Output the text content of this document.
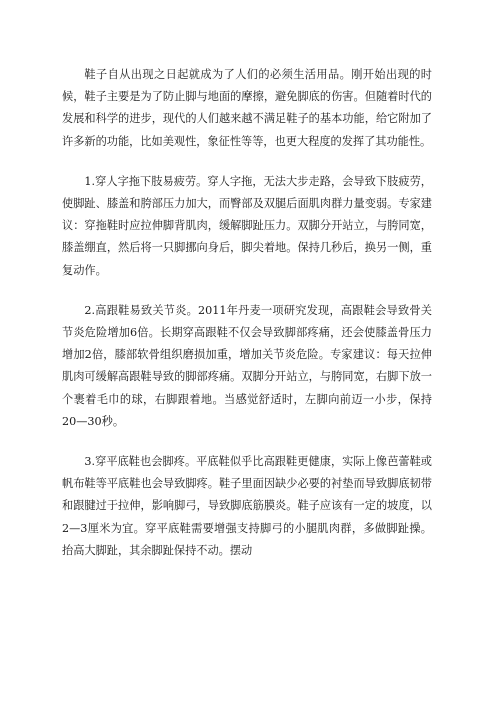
鞋子自从出现之日起就成为了人们的必须生活用品。刚开始出现的时候，鞋子主要是为了防止脚与地面的摩擦，避免脚底的伤害。但随着时代的发展和科学的进步，现代的人们越来越不满足鞋子的基本功能，给它附加了许多新的功能，比如美观性，象征性等等，也更大程度的发挥了其功能性。

1.穿人字拖下肢易疲劳。穿人字拖，无法大步走路，会导致下肢疲劳，使脚趾、膝盖和胯部压力加大，而臀部及双腿后面肌肉群力量变弱。专家建议：穿拖鞋时应拉伸脚背肌肉，缓解脚趾压力。双脚分开站立，与胯同宽，膝盖绷直，然后将一只脚挪向身后，脚尖着地。保持几秒后，换另一侧，重复动作。

2.高跟鞋易致关节炎。2011年丹麦一项研究发现，高跟鞋会导致骨关节炎危险增加6倍。长期穿高跟鞋不仅会导致脚部疼痛，还会使膝盖骨压力增加2倍，膝部软骨组织磨损加重，增加关节炎危险。专家建议：每天拉伸肌肉可缓解高跟鞋导致的脚部疼痛。双脚分开站立，与胯同宽，右脚下放一个裹着毛巾的球，右脚跟着地。当感觉舒适时，左脚向前迈一小步，保持20—30秒。

3.穿平底鞋也会脚疼。平底鞋似乎比高跟鞋更健康，实际上像芭蕾鞋或帆布鞋等平底鞋也会导致脚疼。鞋子里面因缺少必要的衬垫而导致脚底韧带和跟腱过于拉伸，影响脚弓，导致脚底筋膜炎。鞋子应该有一定的坡度，以2—3厘米为宜。穿平底鞋需要增强支持脚弓的小腿肌肉群，多做脚趾操。抬高大脚趾，其余脚趾保持不动。摆动
